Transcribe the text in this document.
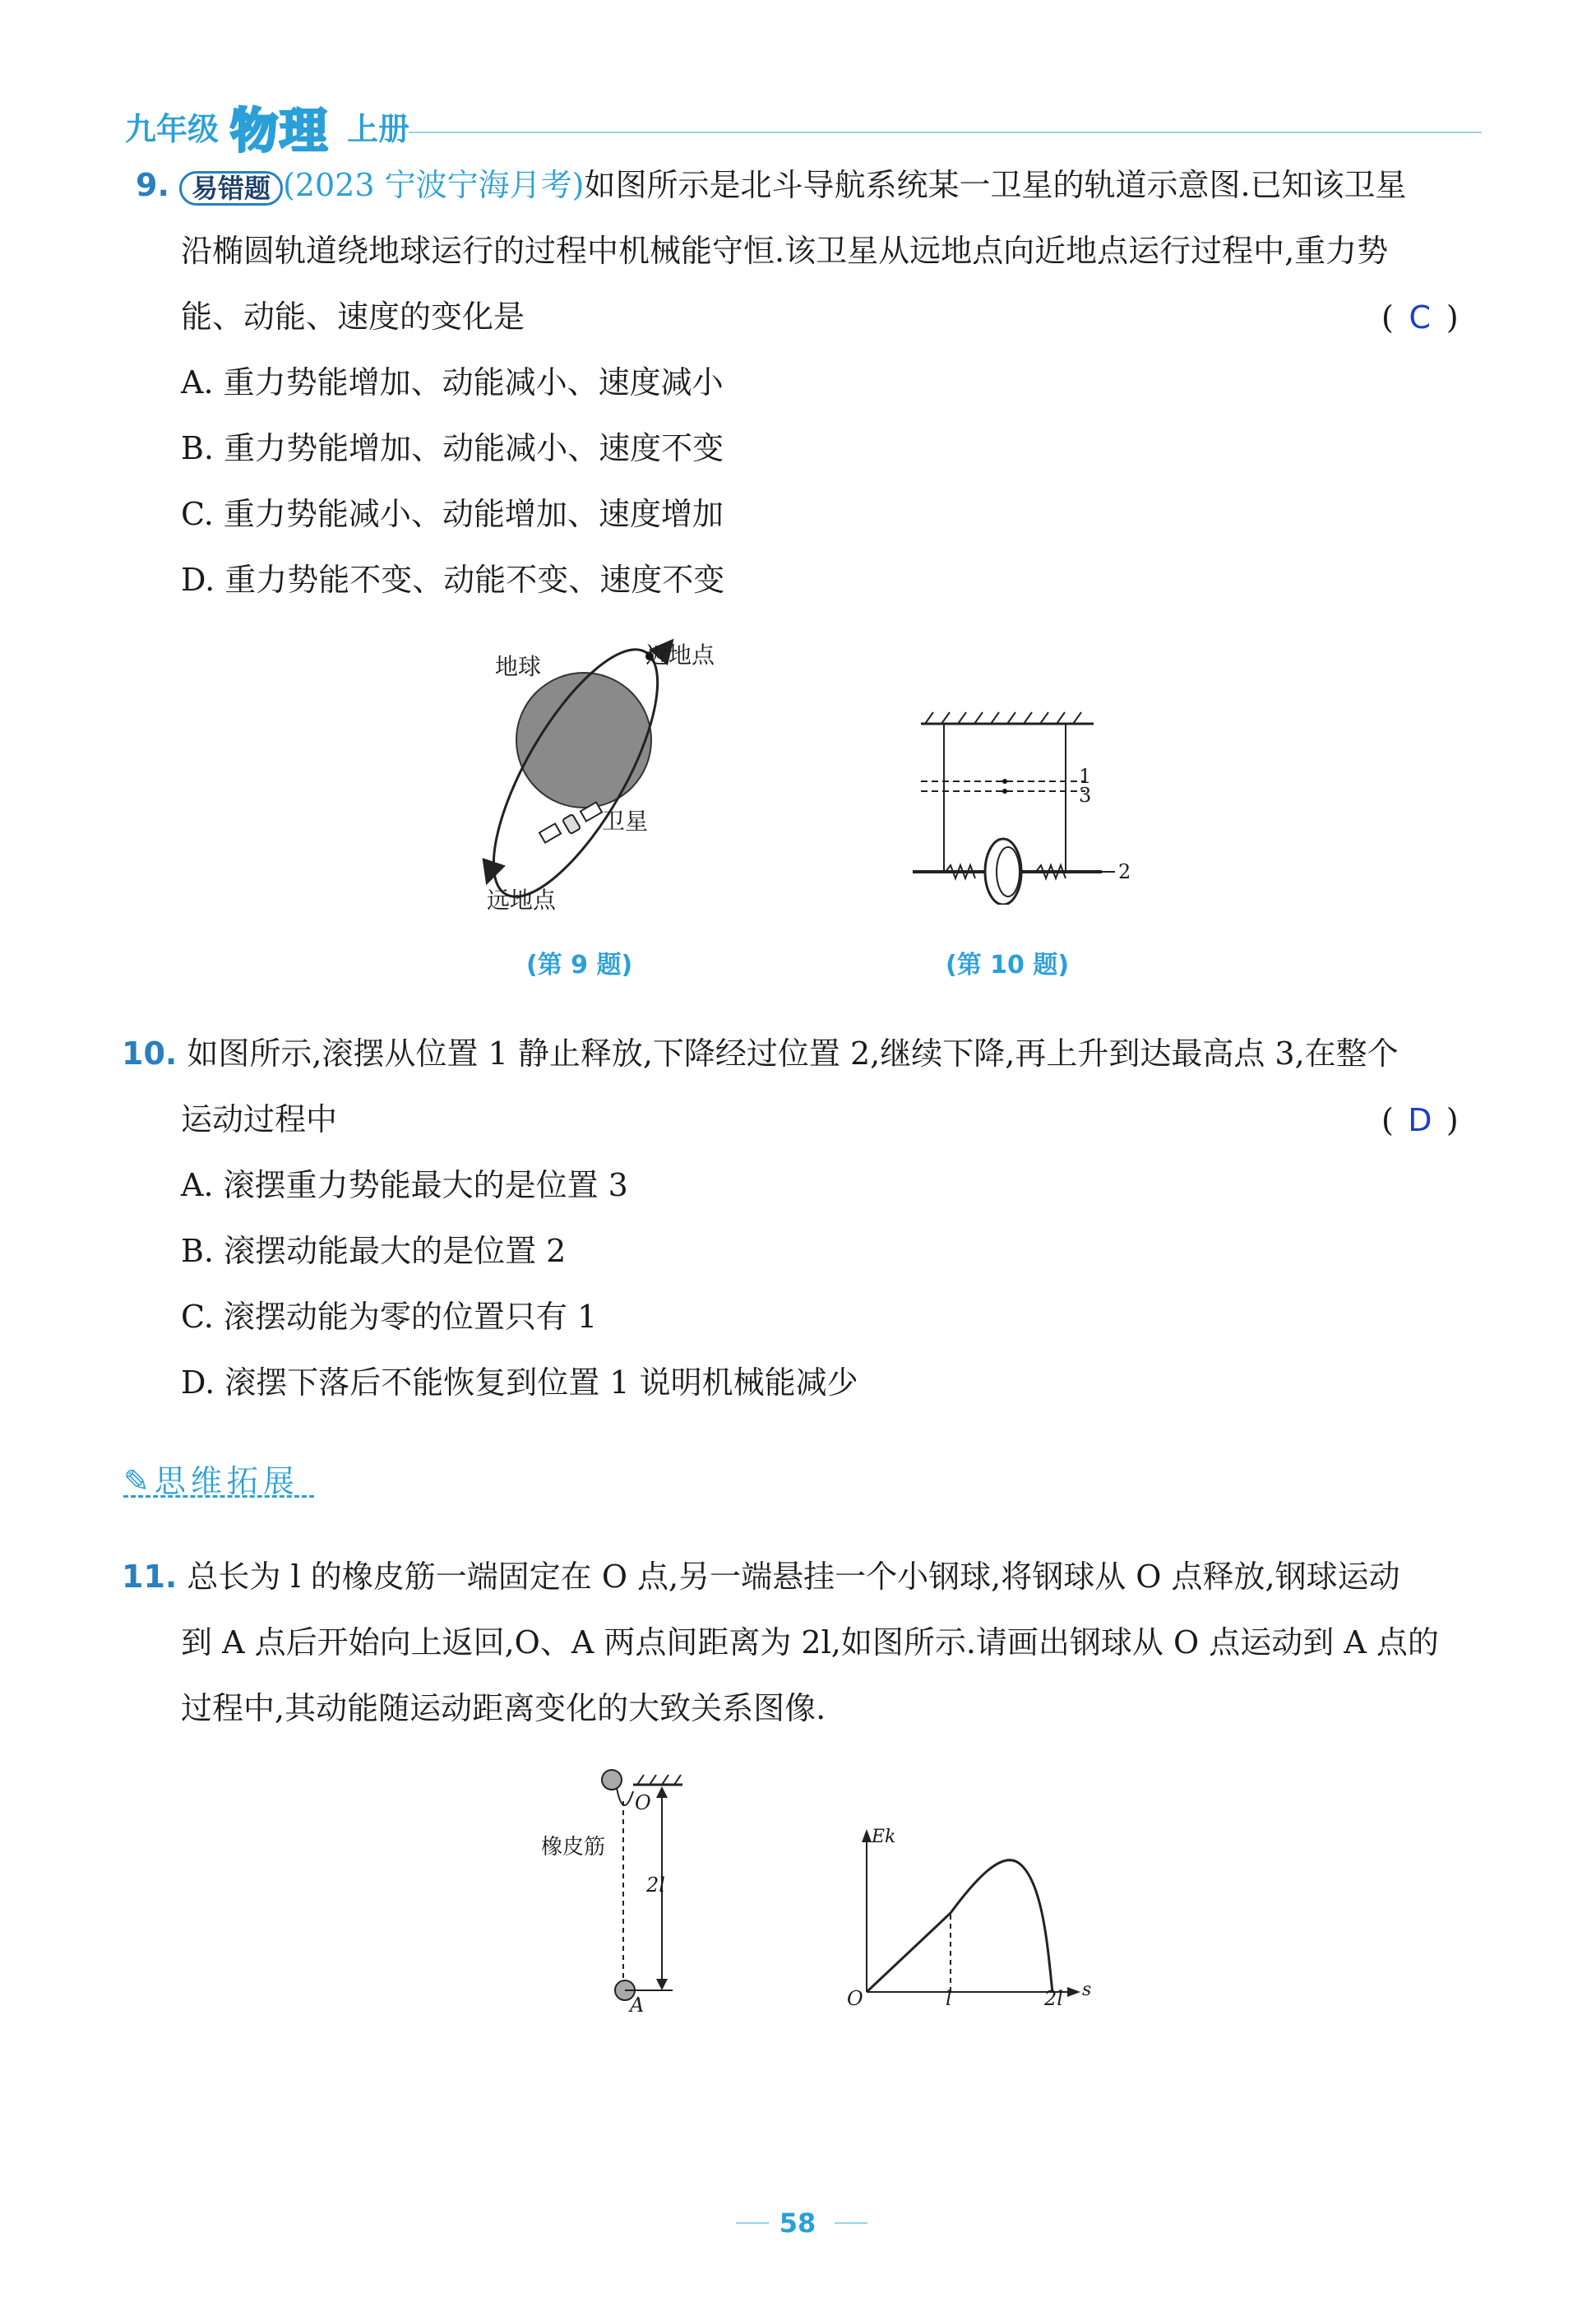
九年级 物理 上册
9. 易错题 (2023 宁波宁海月考)如图所示是北斗导航系统某一卫星的轨道示意图.已知该卫星
沿椭圆轨道绕地球运行的过程中机械能守恒.该卫星从远地点向近地点运行过程中,重力势
能、动能、速度的变化是	( C )
A. 重力势能增加、动能减小、速度减小
B. 重力势能增加、动能减小、速度不变
C. 重力势能减小、动能增加、速度增加
D. 重力势能不变、动能不变、速度不变
地球	近地点
卫星
远地点
(第 9 题)
1
3
2
(第 10 题)
10. 如图所示,滚摆从位置 1 静止释放,下降经过位置 2,继续下降,再上升到达最高点 3,在整个
运动过程中	( D )
A. 滚摆重力势能最大的是位置 3
B. 滚摆动能最大的是位置 2
C. 滚摆动能为零的位置只有 1
D. 滚摆下落后不能恢复到位置 1 说明机械能减少
✎思维拓展
11. 总长为 l 的橡皮筋一端固定在 O 点,另一端悬挂一个小钢球,将钢球从 O 点释放,钢球运动
到 A 点后开始向上返回,O、A 两点间距离为 2l,如图所示.请画出钢球从 O 点运动到 A 点的
过程中,其动能随运动距离变化的大致关系图像.
O
橡皮筋
2l
A
Ek
s
O	l	2l
58
